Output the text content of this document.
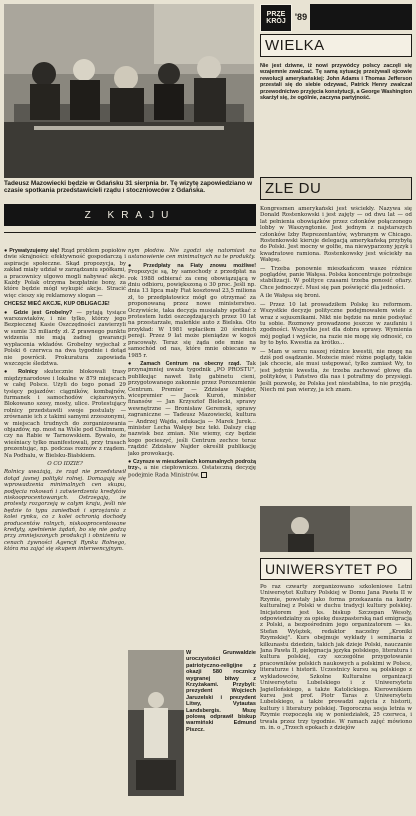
Tadeusz Mazowiecki będzie w Gdańsku 31 sierpnia br. Tę wizytę zapowiedziano w czasie spotkania przedstawicieli rządu i stoczniowców z Gdańska.
Z KRAJU

● Prywatyzujemy się! Rząd problem popiołów dwie skrajności: efektywność gospodarczą i aspiracje społeczne. Skąd propozycja, by zakład miały udział w zarządzaniu spółkami, a pracownicy ulgowo mogli nabywać akcje. Każdy Polak otrzyma bezpłatnie bony, za które będzie mógł wykupić akcje. Stracić więc cieszy się reklamowy slogan —

CHCESZ MIEĆ AKCJE, KUP OBLIGACJE!

● Gdzie jest Grobelny? — pytają tysiące warszawiaków, i nie tylko, którzy jego Bezpiecznej Kasie Oszczędności zawierzyli w sumie 33 miliardy zł. Z prawnego punktu widzenia nie mają żadnej gwarancji wypłacenia wkładów. Grobelny wyjechał z Polski 6 czerwca na dwa tygodnie i dotąd nie powrócił. Prokuratura zapowiada wszczęcie śledztwa.

● Rolnicy skutecznie blokowali trasy międzynarodowe i lokalne w 879 miejscach w całej Polsce. Użyli do tego ponad 29 tysięcy pojazdów: ciągników, kombajnów, furmanek i samochodów ciężarowych. Blokowano szosy, mosty, ulice. Protestujący rolnicy przedstawili swoje postulaty — zrównanie ich z takimi samymi zrzeszonymi, w miejscach trudnych do zorganizowania objazdów, np. most na Wiśle pod Chełmnem, czy na Rabie w Tarnowskiem. Bywało, że wieśniacy tylko manifestowali, przy trasach prezentując, np. podczas rozmów z rządem. Na Podhalu, w Bielsku-Białskiem.

O CO IDZIE?

Rolnicy uważają, że rząd nie przedstawił dotąd jasnej polityki rolnej. Domagają się wprowadzenia minimalnych cen skupu, podjęcia rokowań i zatwierdzenia kredytów niskooprocentowanych. Ostrzegają, że protesty rozgorzeją w całym kraju, jeśli nie będzie to typu zaniedbań i sprzężania z kolei rynku, co z kolei ochronią dochody producentów rolnych, niskooprocentowane kredyty, spełnienie żądań, bo się nie godzą przy zmniejszonych produkcji i obniżeniu w cenach żywności Agencji Rynku Rolnego, która ma zająć się skupem interwencyjnym.

nym płodów. Nie zgodzi się natomiast na ustanowienie cen minimalnych na te produkty.

● Przedpłaty na Fiaty znowu możliwe! Propozycje są, by samochody z przedpłat na rok 1988 odbierać za cenę obowiązującą w dniu odbioru, powiększoną o 30 proc. Jeśli np. dnia 13 lipca mały Fiat kosztował 23,5 miliona zł, to przedpłatowicz mógł go otrzymać za proponowaną przez nowe ministerstwo. Oczywiście, taka decyzja musiałaby spotkać z protestem ludzi oszczędzających przez 10 lat na przestarzałe, maleńkie auto z Bielska. Oto przykład: W 1981 wpłaciłem 20 średnich pensji. Przez 9 lat może pieniądze w kogoś pracowały. Teraz się żąda ode mnie na samochód od nas, które mnie obiecano w 1985 r.

● Zamach Centrum na obecny rząd. Tak przynajmniej uważa tygodnik „PO PROSTU", publikując nawet listę gabinetu cieni, przygotowanego zakonnie przez Porozumienie Centrum. Premier — Zdzisław Najder, wicepremier — Jacek Kuroń, minister finansów — Jan Krzysztof Bielecki, sprawy wewnętrzne — Bronisław Geremek, sprawy zagraniczne — Tadeusz Mazowiecki, kultura — Andrzej Wajda, edukacja — Marek Jurek... minister Lecha Wałęsy bez teki. Dalszy ciąg nazwisk bez zmian. Nie wiemy, czy będzie kogo pocieszyć, jeśli Centrum zechce teraz rządzić Zdzisław Najder określił publikację jako prowokację.

● Czynsze w mieszkaniach komunalnych podrożą trzy-, a nie ciepłowniczo. Ostateczną decyzję podejmie Rada Ministrów.

W Grunwaldzie uroczystości patriotyczno-religijne z okazji 580 rocznicy wygranej bitwy z Krzyżakami. Przybyli: prezydent Wojciech Jaruzelski i prezydent Litwy, Vytautas Landsbergis. Mszę polową odprawił biskup warmiński Edmund Piszcz.

PRZE
KRÓJ	'89
WIELKA

Nie jest dziwne, iż nowi przywódcy polscy zaczęli się wzajemnie zwalczać. Tę samą sytuację przeżywali ojcowie rewolucji amerykańskiej: John Adams i Thomas Jefferson przestali się do siebie odzywać, Patrick Henry zwalczał przewodnictwo przyjęcia konstytucji, a George Washington skarżył się, że ogólnie, zaczyna partyjność.

ZLE DU

Kongresmen amerykański jest wściekły. Nazywa się Donald Rostenkowski i jest zajęty — od dwu lat — od lat pełnienia obowiązków przez członków połączonego lobby w Waszyngtonie. Jest jednym z najstarszych członków Izby Reprezentantów, wybranym w Chicago. Rostenkowski kieruje delegacją amerykańską przybyłą do Polski. Jest mocny w golfie, ma niewyparzony język i kwadratowe ramiona. Rostenkowsky jest wściekły na Wałęsę.

— Trzeba ponownie mieszkańcom wasze różnice poglądów, panie Wałęsa. Polska koncentruje potrzebuje stabilizacji. W polityce czasami trzeba ponosić ofiary. Chce jednoczyć. Musi się pan poświęcić dla jedności.

A ile Wałęsa się broni.

— Przez 10 lat prowadziłem Polskę ku reformom. Wszystkie decyzje polityczne podejmowałem wiele z wraz z sojusznikami. Nikt nie będzie na mnie podsyłać tu sobie. Rozmowy prowadzone jeszcze w zaufaniu i zgodności. Wszystko jest dla dobra sprawy. Wymienia mój pogląd i wyjście, na razie nie mogę się odnosić, co by to było. Kwestia za krótko...

— Mam w sercu naszej różnice kwestii, nie mogę na dziś pod osądzanie. Możecie mieć różne poglądy, takie jak chcecie, ale musi ustępować, tylko zamiast Wy, to jest jedynie kwestia, że trzeba zachować głowę dla polityków, i Państwo dla nas i potrafimy do przysięgi. Jeśli pozwolę, że Polska jest niestabilna, to nie przyjdą. Niech mi pan wierzy, ja ich znam.

UNIWERSYTET PO

Po raz czwarty zorganizowano szkoleniowe Letni Uniwersytet Kultury Polskiej w Domu Jana Pawła II w Rzymie, powstały jako forma przekazania na kadry kulturalnej z Polski w duchu tradycji kultury polskiej. Inicjatorem jest ks. biskup Szczepan Wesoły, odpowiedzialny za opiekę duszpasterską nad emigracją z Polski, a bezpośrednim jego organizatorem — ks. Stefan Wylężek, redaktor naczelny „Kroniki Rzymskiej". Kurs obejmuje wykłady i seminaria z kilkunastu dziedzin, takich jak dzieje Polski, nauczanie Jana Pawła II, pielęgnacja języka polskiego, literatura i kultura polskiej, czy szczególne przygotowanie pracowników polskich naukowych a polskimi w Polsce, literaturze i historii. Uczestnicy kursu są polskiego z wykładowców, Szkolne Kulturalne organizacji Uniwersytetu Lubelskiego i z Uniwersytetu Jagiellońskiego, a także Katolickiego. Kierownikiem kursu jest prof. Piotr Taras z Uniwersytetu Lubelskiego, a także prowadzi zajęcia z historii, kultury i literatury polskiej. Tegoroczna sesja letnia w Rzymie rozpoczęła się w poniedziałek, 25 czerwca, i trwała przez trzy tygodnie. W ramach zajęć mówiono m. in. o „Trzech epokach z dziejów
